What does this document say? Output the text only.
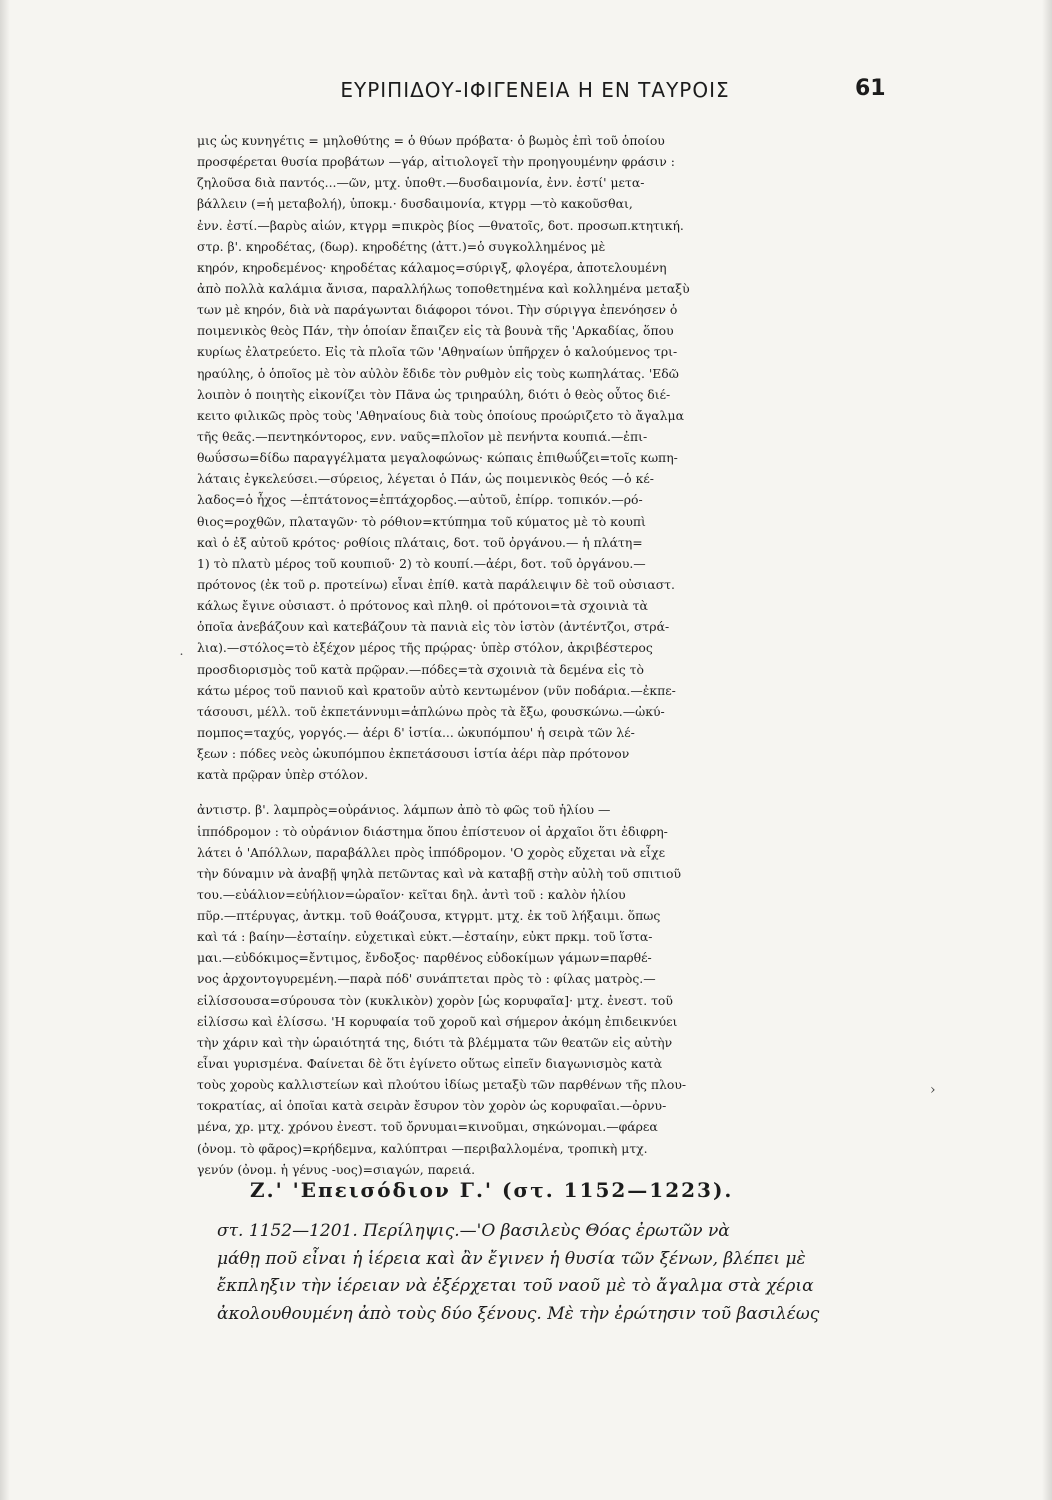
ΕΥΡΙΠΙΔΟΥ-ΙΦΙΓΕΝΕΙΑ Η ΕΝ ΤΑΥΡΟΙΣ	61
μις ὡς κυνηγέτις = μηλοθύτης = ὁ θύων πρόβατα· ὁ βωμὸς ἐπὶ τοῦ ὁποίου
προσφέρεται θυσία προβάτων —γάρ, αἰτιολογεῖ τὴν προηγουμένην φράσιν :
ζηλοῦσα διὰ παντός...—ῶν, μτχ. ὑποθτ.—δυσδαιμονία, ἐνν. ἐστί' μετα-
βάλλειν (=ἡ μεταβολή), ὑποκμ.· δυσδαιμονία, κτγρμ —τὸ κακοῦσθαι,
ἐνν. ἐστί.—βαρὺς αἰών, κτγρμ =πικρὸς βίος —θνατοῖς, δοτ. προσωπ.κτητική.
στρ. β'. κηροδέτας, (δωρ). κηροδέτης (ἀττ.)=ὁ συγκολλημένος μὲ
κηρόν, κηροδεμένος· κηροδέτας κάλαμος=σύριγξ, φλογέρα, ἀποτελουμένη
ἀπὸ πολλὰ καλάμια ἄνισα, παραλλήλως τοποθετημένα καὶ κολλημένα μεταξὺ
των μὲ κηρόν, διὰ νὰ παράγωνται διάφοροι τόνοι. Τὴν σύριγγα ἐπενόησεν ὁ
ποιμενικὸς θεὸς Πάν, τὴν ὁποίαν ἔπαιζεν εἰς τὰ βουνὰ τῆς 'Αρκαδίας, ὅπου
κυρίως ἐλατρεύετο. Εἰς τὰ πλοῖα τῶν 'Αθηναίων ὑπῆρχεν ὁ καλούμενος τρι-
ηραύλης, ὁ ὁποῖος μὲ τὸν αὐλὸν ἔδιδε τὸν ρυθμὸν εἰς τοὺς κωπηλάτας. 'Εδῶ
λοιπὸν ὁ ποιητὴς εἰκονίζει τὸν Πᾶνα ὡς τριηραύλη, διότι ὁ θεὸς οὗτος διέ-
κειτο φιλικῶς πρὸς τοὺς 'Αθηναίους διὰ τοὺς ὁποίους προώριζετο τὸ ἄγαλμα
τῆς θεᾶς.—πεντηκόντορος, ενν. ναῦς=πλοῖον μὲ πενήντα κουπιά.—ἐπι-
θωΰσσω=δίδω παραγγέλματα μεγαλοφώνως· κώπαις ἐπιθωΰζει=τοῖς κωπη-
λάταις ἐγκελεύσει.—σύρειος, λέγεται ὁ Πάν, ὡς ποιμενικὸς θεός —ὁ κέ-
λαδος=ὁ ἦχος —ἑπτάτονος=ἑπτάχορδος.—αὐτοῦ, ἐπίρρ. τοπικόν.—ρό-
θιος=ροχθῶν, πλαταγῶν· τὸ ρόθιον=κτύπημα τοῦ κύματος μὲ τὸ κουπὶ
καὶ ὁ ἐξ αὐτοῦ κρότος· ροθίοις πλάταις, δοτ. τοῦ ὀργάνου.— ἡ πλάτη=
1) τὸ πλατὺ μέρος τοῦ κουπιοῦ· 2) τὸ κουπί.—ἀέρι, δοτ. τοῦ ὀργάνου.—
πρότονος (ἐκ τοῦ ρ. προτείνω) εἶναι ἐπίθ. κατὰ παράλειψιν δὲ τοῦ οὐσιαστ.
κάλως ἔγινε οὐσιαστ. ὁ πρότονος καὶ πληθ. οἱ πρότονοι=τὰ σχοινιὰ τὰ
ὁποῖα ἀνεβάζουν καὶ κατεβάζουν τὰ πανιὰ εἰς τὸν ἱστὸν (ἀντέντζοι, στρά-
λια).—στόλος=τὸ ἐξέχον μέρος τῆς πρῴρας· ὑπὲρ στόλον, ἀκριβέστερος
προσδιορισμὸς τοῦ κατὰ πρῷραν.—πόδες=τὰ σχοινιὰ τὰ δεμένα εἰς τὸ
κάτω μέρος τοῦ πανιοῦ καὶ κρατοῦν αὐτὸ κεντωμένον (νῦν ποδάρια.—ἐκπε-
τάσουσι, μέλλ. τοῦ ἐκπετάννυμι=ἁπλώνω πρὸς τὰ ἔξω, φουσκώνω.—ὠκύ-
πομπος=ταχύς, γοργός.— ἀέρι δ' ἱστία... ὠκυπόμπου' ἡ σειρὰ τῶν λέ-
ξεων : πόδες νεὸς ὠκυπόμπου ἐκπετάσουσι ἱστία ἀέρι πὰρ πρότονον
κατὰ πρῷραν ὑπὲρ στόλον.
ἀντιστρ. β'. λαμπρὸς=οὐράνιος. λάμπων ἀπὸ τὸ φῶς τοῦ ἡλίου —
ἱππόδρομον : τὸ οὐράνιον διάστημα ὅπου ἐπίστευον οἱ ἀρχαῖοι ὅτι ἐδιφρη-
λάτει ὁ 'Απόλλων, παραβάλλει πρὸς ἱππόδρομον. 'Ο χορὸς εὔχεται νὰ εἶχε
τὴν δύναμιν νὰ ἀναβῇ ψηλὰ πετῶντας καὶ νὰ καταβῇ στὴν αὐλὴ τοῦ σπιτιοῦ
του.—εὐάλιον=εὐήλιον=ὡραῖον· κεῖται δηλ. ἀντὶ τοῦ : καλὸν ἡλίου
πῦρ.—πτέρυγας, ἀντκμ. τοῦ θοάζουσα, κτγρμτ. μτχ. ἐκ τοῦ λήξαιμι. ὅπως
καὶ τά : βαίην—ἐσταίην. εὐχετικαὶ εὐκτ.—ἐσταίην, εὐκτ πρκμ. τοῦ ἵστα-
μαι.—εὐδόκιμος=ἔντιμος, ἔνδοξος· παρθένος εὐδοκίμων γάμων=παρθέ-
νος ἀρχοντογυρεμένη.—παρὰ πόδ' συνάπτεται πρὸς τὸ : φίλας ματρὸς.—
εἱλίσσουσα=σύρουσα τὸν (κυκλικὸν) χορὸν [ὡς κορυφαῖα]· μτχ. ἐνεστ. τοῦ
εἱλίσσω καὶ ἑλίσσω. 'Η κορυφαία τοῦ χοροῦ καὶ σήμερον ἀκόμη ἐπιδεικνύει
τὴν χάριν καὶ τὴν ὡραιότητά της, διότι τὰ βλέμματα τῶν θεατῶν εἰς αὐτὴν
εἶναι γυρισμένα. Φαίνεται δὲ ὅτι ἐγίνετο οὕτως εἰπεῖν διαγωνισμὸς κατὰ
τοὺς χοροὺς καλλιστείων καὶ πλούτου ἰδίως μεταξὺ τῶν παρθένων τῆς πλου-
τοκρατίας, αἱ ὁποῖαι κατὰ σειρὰν ἔσυρον τὸν χορὸν ὡς κορυφαῖαι.—ὀρνυ-
μένα, χρ. μτχ. χρόνου ἐνεστ. τοῦ ὄρνυμαι=κινοῦμαι, σηκώνομαι.—φάρεα
(ὀνομ. τὸ φᾶρος)=κρήδεμνα, καλύπτραι —περιβαλλομένα, τροπικὴ μτχ.
γενύν (ὀνομ. ἡ γένυς -υος)=σιαγών, παρειά.
Ζ.' 'Επεισόδιον Γ.' (στ. 1152—1223).
στ. 1152—1201. Περίληψις.—'Ο βασιλεὺς Θόας ἐρωτῶν νὰ
μάθῃ ποῦ εἶναι ἡ ἱέρεια καὶ ἂν ἔγινεν ἡ θυσία τῶν ξένων, βλέπει μὲ
ἔκπληξιν τὴν ἱέρειαν νὰ ἐξέρχεται τοῦ ναοῦ μὲ τὸ ἄγαλμα στὰ χέρια
ἀκολουθουμένη ἀπὸ τοὺς δύο ξένους. Μὲ τὴν ἐρώτησιν τοῦ βασιλέως
›
˙
